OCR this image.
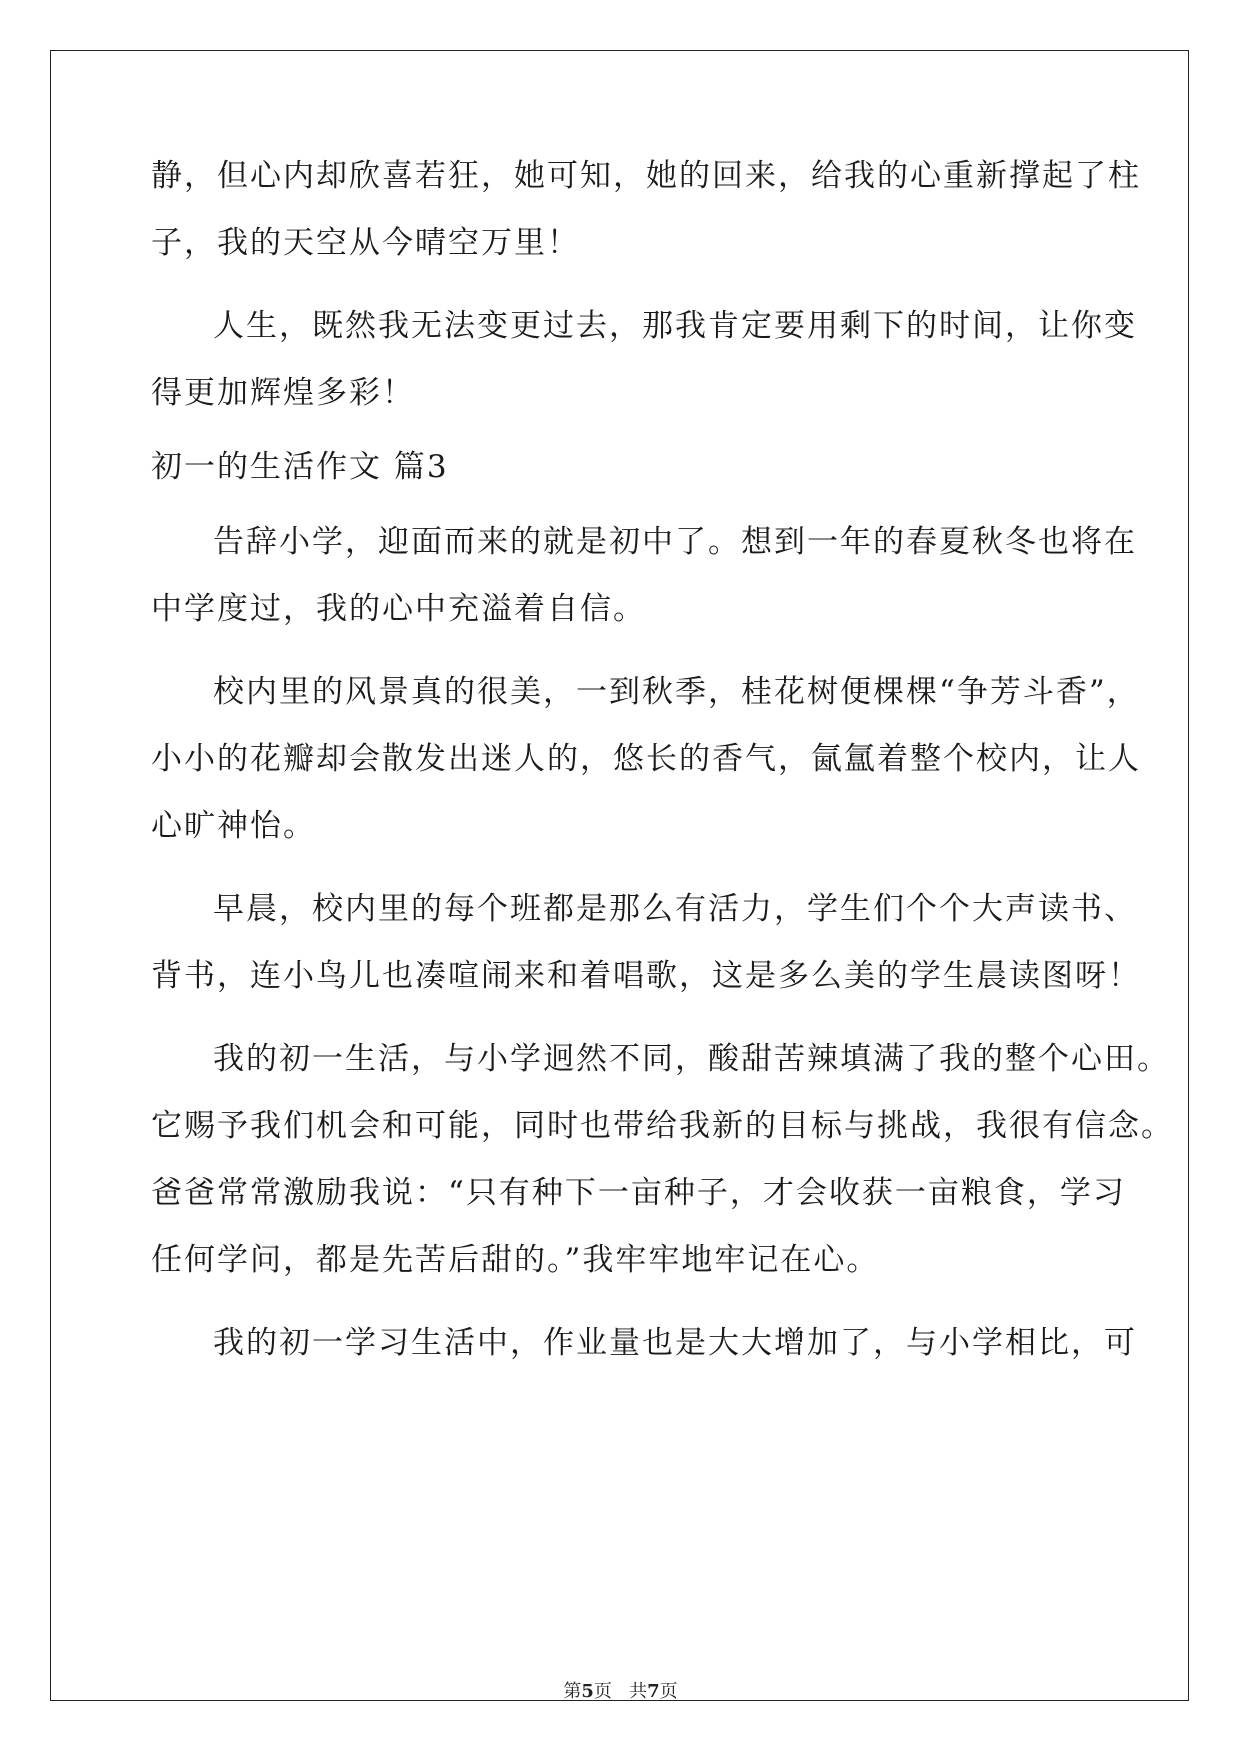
静，但心内却欣喜若狂，她可知，她的回来，给我的心重新撑起了柱
子，我的天空从今晴空万里！
人生，既然我无法变更过去，那我肯定要用剩下的时间，让你变
得更加辉煌多彩！
初一的生活作文 篇3
告辞小学，迎面而来的就是初中了。想到一年的春夏秋冬也将在
中学度过，我的心中充溢着自信。
校内里的风景真的很美，一到秋季，桂花树便棵棵“争芳斗香”，
小小的花瓣却会散发出迷人的，悠长的香气，氤氲着整个校内，让人
心旷神怡。
早晨，校内里的每个班都是那么有活力，学生们个个大声读书、
背书，连小鸟儿也凑喧闹来和着唱歌，这是多么美的学生晨读图呀！
我的初一生活，与小学迥然不同，酸甜苦辣填满了我的整个心田。
它赐予我们机会和可能，同时也带给我新的目标与挑战，我很有信念。
爸爸常常激励我说：“只有种下一亩种子，才会收获一亩粮食，学习
任何学问，都是先苦后甜的。”我牢牢地牢记在心。
我的初一学习生活中，作业量也是大大增加了，与小学相比，可
第5页 共7页
